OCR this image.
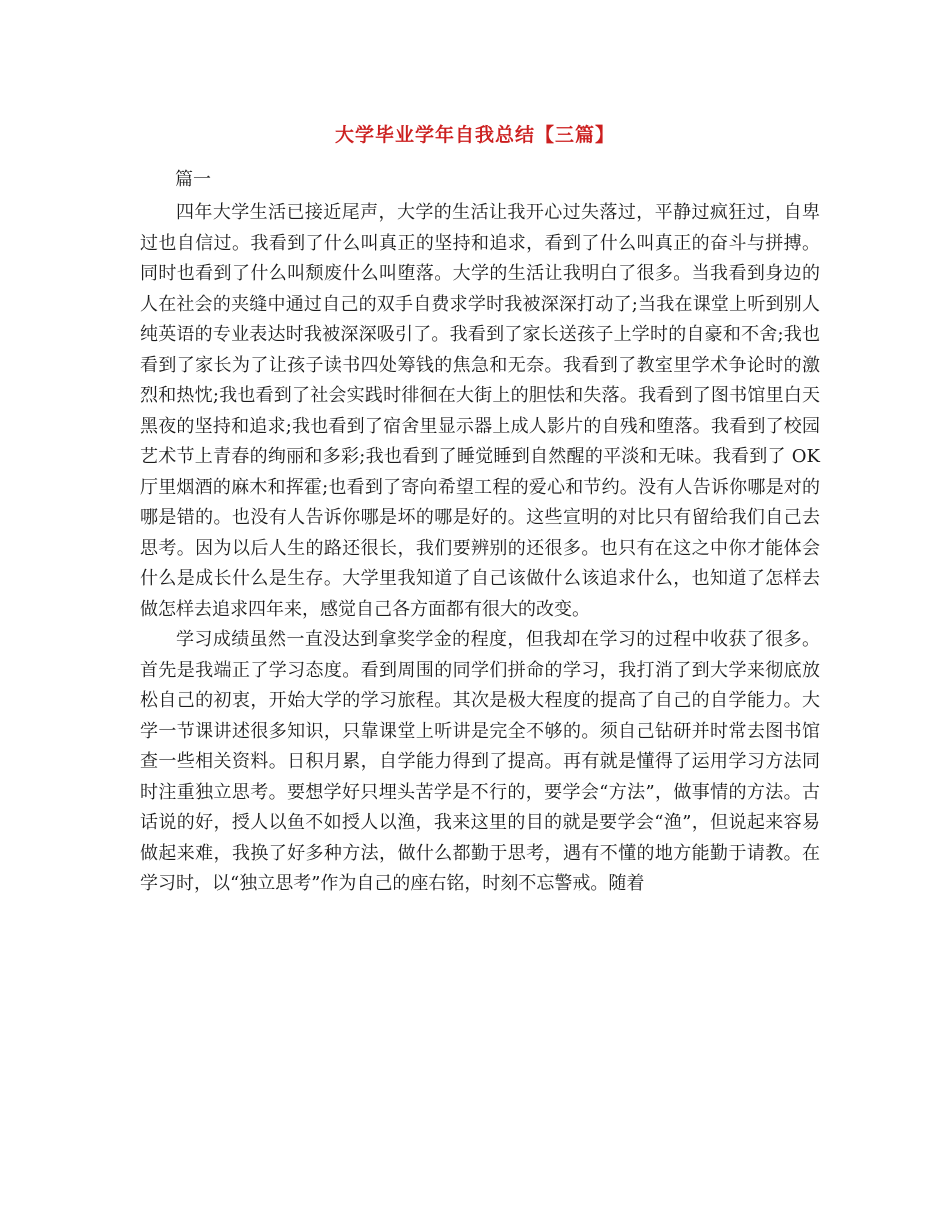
大学毕业学年自我总结【三篇】
篇一

四年大学生活已接近尾声，大学的生活让我开心过失落过，平静过疯狂过，自卑过也自信过。我看到了什么叫真正的坚持和追求，看到了什么叫真正的奋斗与拼搏。同时也看到了什么叫颓废什么叫堕落。大学的生活让我明白了很多。当我看到身边的人在社会的夹缝中通过自己的双手自费求学时我被深深打动了;当我在课堂上听到别人纯英语的专业表达时我被深深吸引了。我看到了家长送孩子上学时的自豪和不舍;我也看到了家长为了让孩子读书四处筹钱的焦急和无奈。我看到了教室里学术争论时的激烈和热忱;我也看到了社会实践时徘徊在大街上的胆怯和失落。我看到了图书馆里白天黑夜的坚持和追求;我也看到了宿舍里显示器上成人影片的自残和堕落。我看到了校园艺术节上青春的绚丽和多彩;我也看到了睡觉睡到自然醒的平淡和无味。我看到了 OK 厅里烟酒的麻木和挥霍;也看到了寄向希望工程的爱心和节约。没有人告诉你哪是对的哪是错的。也没有人告诉你哪是坏的哪是好的。这些宣明的对比只有留给我们自己去思考。因为以后人生的路还很长，我们要辨别的还很多。也只有在这之中你才能体会什么是成长什么是生存。大学里我知道了自己该做什么该追求什么，也知道了怎样去做怎样去追求四年来，感觉自己各方面都有很大的改变。

学习成绩虽然一直没达到拿奖学金的程度，但我却在学习的过程中收获了很多。首先是我端正了学习态度。看到周围的同学们拼命的学习，我打消了到大学来彻底放松自己的初衷，开始大学的学习旅程。其次是极大程度的提高了自己的自学能力。大学一节课讲述很多知识，只靠课堂上听讲是完全不够的。须自己钻研并时常去图书馆查一些相关资料。日积月累，自学能力得到了提高。再有就是懂得了运用学习方法同时注重独立思考。要想学好只埋头苦学是不行的，要学会“方法”，做事情的方法。古话说的好，授人以鱼不如授人以渔，我来这里的目的就是要学会“渔”，但说起来容易做起来难，我换了好多种方法，做什么都勤于思考，遇有不懂的地方能勤于请教。在学习时，以“独立思考”作为自己的座右铭，时刻不忘警戒。随着
